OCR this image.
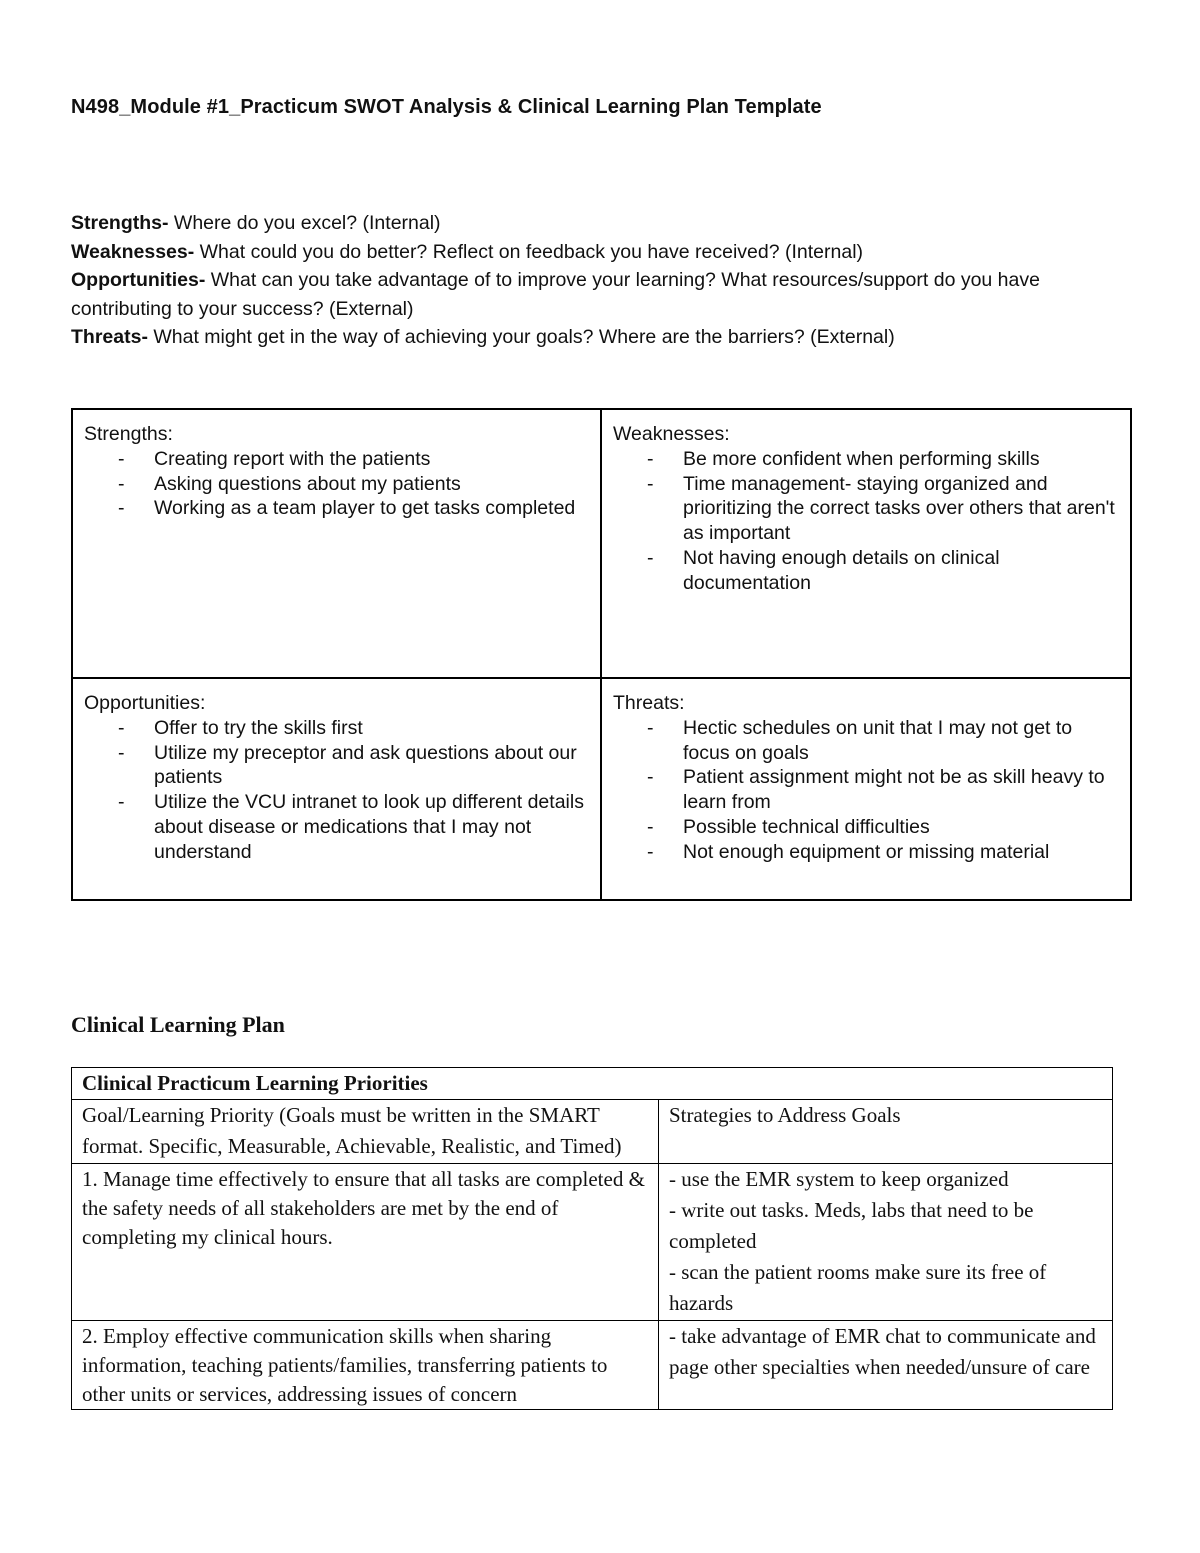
N498_Module #1_Practicum SWOT Analysis & Clinical Learning Plan Template

Strengths- Where do you excel? (Internal)

Weaknesses- What could you do better? Reflect on feedback you have received? (Internal)

Opportunities- What can you take advantage of to improve your learning? What resources/support do you have contributing to your success? (External)

Threats- What might get in the way of achieving your goals? Where are the barriers? (External)

Strengths:
- Creating report with the patients
- Asking questions about my patients
- Working as a team player to get tasks completed
Weaknesses:
- Be more confident when performing skills
- Time management- staying organized and prioritizing the correct tasks over others that aren't as important
- Not having enough details on clinical documentation
Opportunities:
- Offer to try the skills first
- Utilize my preceptor and ask questions about our patients
- Utilize the VCU intranet to look up different details about disease or medications that I may not understand
Threats:
- Hectic schedules on unit that I may not get to focus on goals
- Patient assignment might not be as skill heavy to learn from
- Possible technical difficulties
- Not enough equipment or missing material
Clinical Learning Plan
Clinical Practicum Learning Priorities	
Goal/Learning Priority (Goals must be written in the SMART format. Specific, Measurable, Achievable, Realistic, and Timed)	Strategies to Address Goals

1. Manage time effectively to ensure that all tasks are completed & the safety needs of all stakeholders are met by the end of completing my clinical hours.	- use the EMR system to keep organized
- write out tasks. Meds, labs that need to be completed
- scan the patient rooms make sure its free of hazards

2. Employ effective communication skills when sharing information, teaching patients/families, transferring patients to other units or services, addressing issues of concern	- take advantage of EMR chat to communicate and page other specialties when needed/unsure of care
